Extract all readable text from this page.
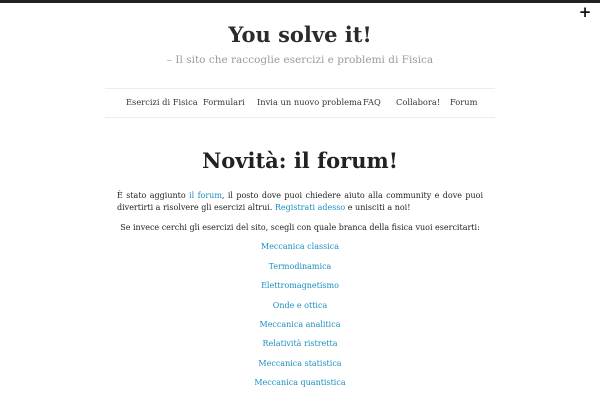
+
You solve it!
– Il sito che raccoglie esercizi e problemi di Fisica
Esercizi di Fisica Formulari Invia un nuovo problema FAQ Collabora! Forum
Novità: il forum!

È stato aggiunto il forum, il posto dove puoi chiedere aiuto alla community e dove puoi divertirti a risolvere gli esercizi altrui. Registrati adesso e unisciti a noi!

Se invece cerchi gli esercizi del sito, scegli con quale branca della fisica vuoi esercitarti:

Meccanica classica
Termodinamica
Elettromagnetismo
Onde e ottica
Meccanica analitica
Relatività ristretta
Meccanica statistica
Meccanica quantistica
